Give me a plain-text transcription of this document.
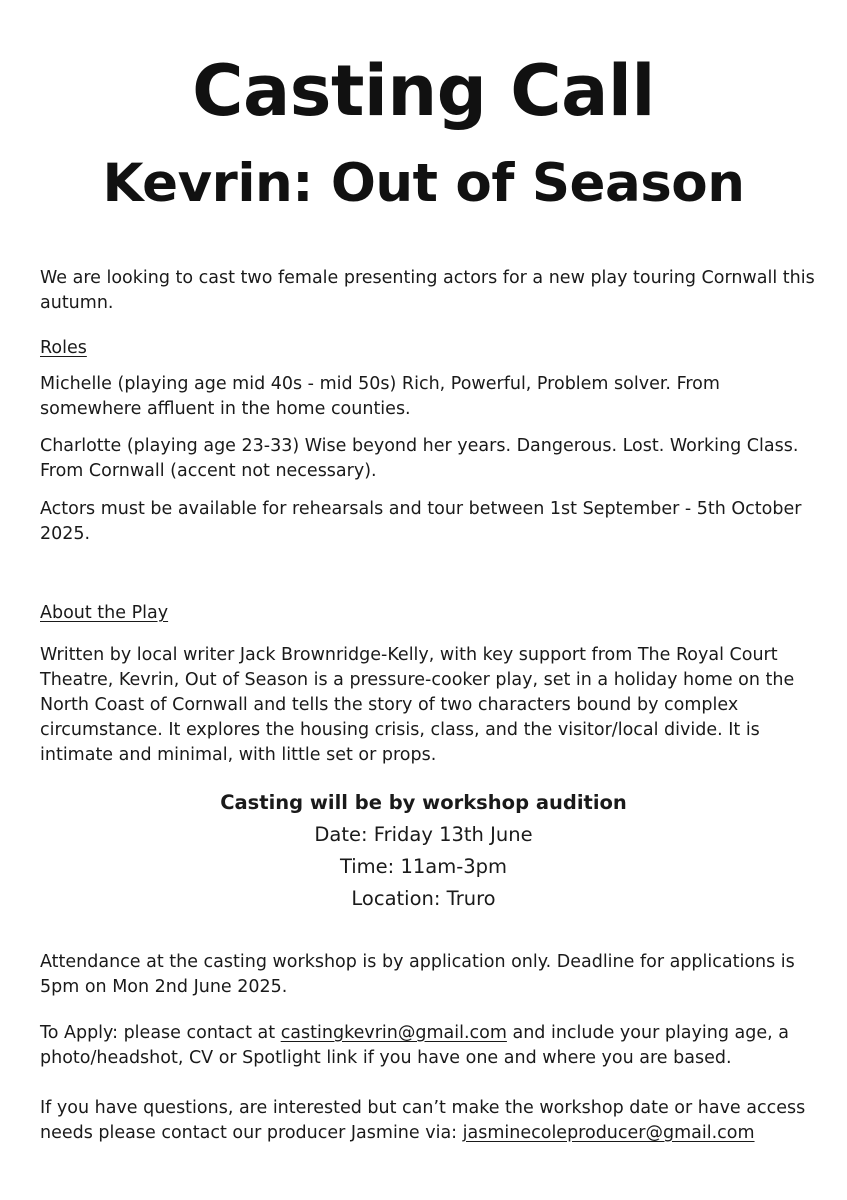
Casting Call
Kevrin: Out of Season

We are looking to cast two female presenting actors for a new play touring Cornwall this autumn.

Roles

Michelle (playing age mid 40s - mid 50s) Rich, Powerful, Problem solver. From somewhere affluent in the home counties.

Charlotte (playing age 23-33) Wise beyond her years. Dangerous. Lost. Working Class. From Cornwall (accent not necessary).

Actors must be available for rehearsals and tour between 1st September - 5th October 2025.

About the Play

Written by local writer Jack Brownridge-Kelly, with key support from The Royal Court Theatre, Kevrin, Out of Season is a pressure-cooker play, set in a holiday home on the North Coast of Cornwall and tells the story of two characters bound by complex circumstance. It explores the housing crisis, class, and the visitor/local divide. It is intimate and minimal, with little set or props.

Casting will be by workshop audition
Date: Friday 13th June
Time: 11am-3pm
Location: Truro

Attendance at the casting workshop is by application only. Deadline for applications is 5pm on Mon 2nd June 2025.

To Apply: please contact at castingkevrin@gmail.com and include your playing age, a photo/headshot, CV or Spotlight link if you have one and where you are based.

If you have questions, are interested but can’t make the workshop date or have access needs please contact our producer Jasmine via: jasminecoleproducer@gmail.com
